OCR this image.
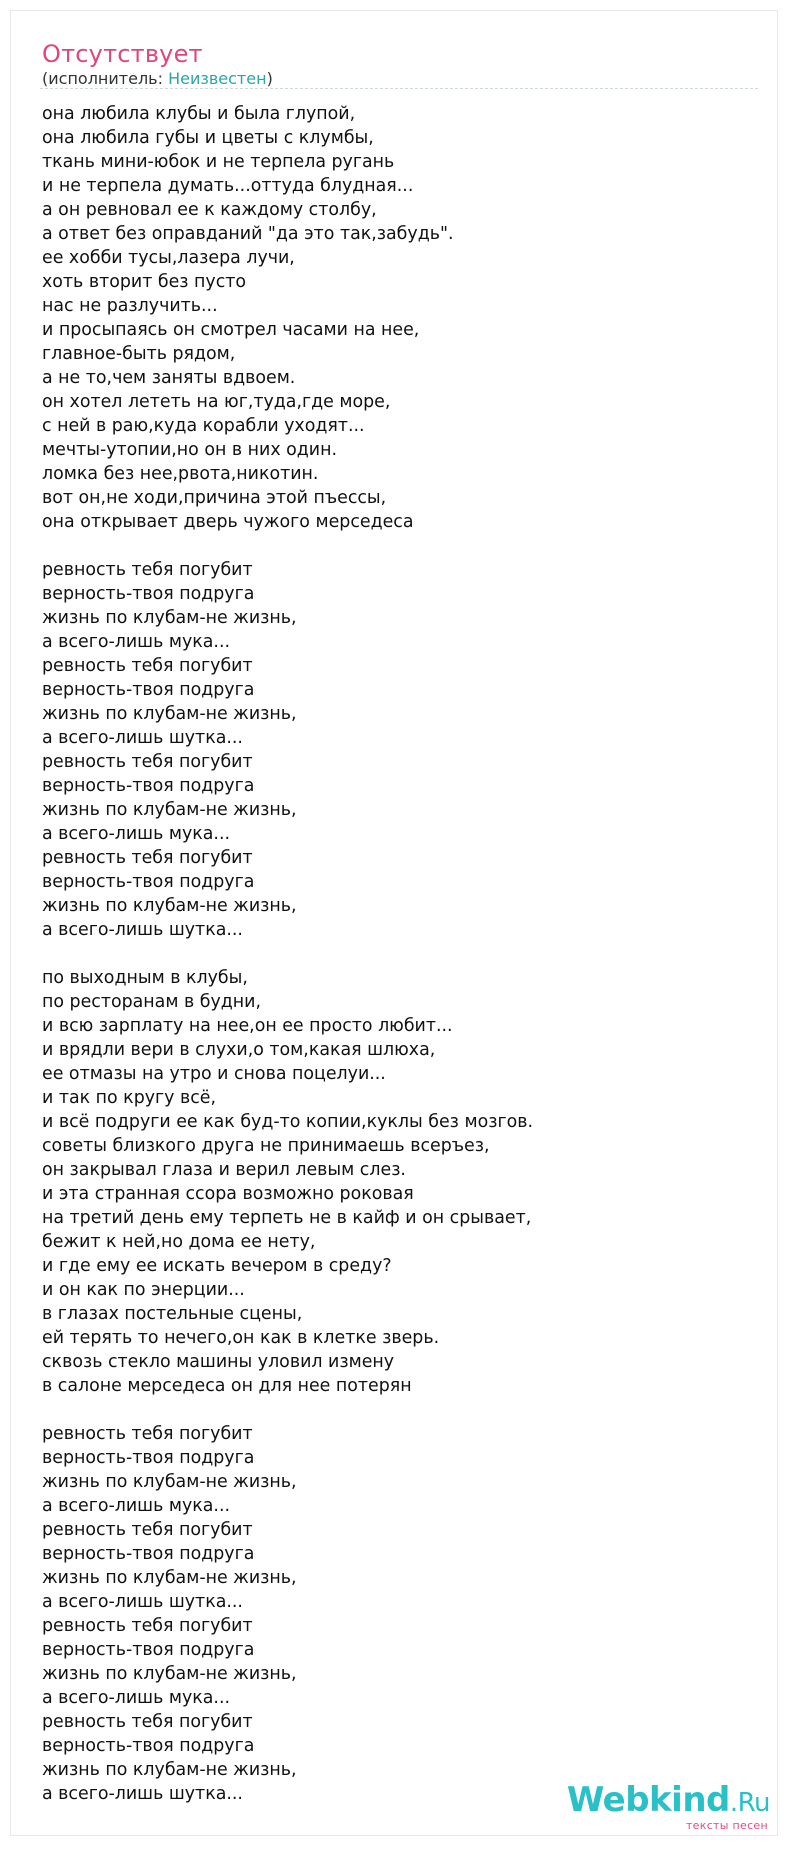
Отсутствует
(исполнитель: Неизвестен)
она любила клубы и была глупой,
она любила губы и цветы с клумбы,
ткань мини-юбок и не терпела ругань
и не терпела думать...оттуда блудная...
а он ревновал ее к каждому столбу,
а ответ без оправданий "да это так,забудь".
ее хобби тусы,лазера лучи,
хоть вторит без пусто
нас не разлучить...
и просыпаясь он смотрел часами на нее,
главное-быть рядом,
а не то,чем заняты вдвоем.
он хотел лететь на юг,туда,где море,
с ней в раю,куда корабли уходят...
мечты-утопии,но он в них один.
ломка без нее,рвота,никотин.
вот он,не ходи,причина этой пъессы,
она открывает дверь чужого мерседеса
ревность тебя погубит
верность-твоя подруга
жизнь по клубам-не жизнь,
а всего-лишь мука...
ревность тебя погубит
верность-твоя подруга
жизнь по клубам-не жизнь,
а всего-лишь шутка...
ревность тебя погубит
верность-твоя подруга
жизнь по клубам-не жизнь,
а всего-лишь мука...
ревность тебя погубит
верность-твоя подруга
жизнь по клубам-не жизнь,
а всего-лишь шутка...
по выходным в клубы,
по ресторанам в будни,
и всю зарплату на нее,он ее просто любит...
и врядли вери в слухи,о том,какая шлюха,
ее отмазы на утро и снова поцелуи...
и так по кругу всё,
и всё подруги ее как буд-то копии,куклы без мозгов.
советы близкого друга не принимаешь всеръез,
он закрывал глаза и верил левым слез.
и эта странная ссора возможно роковая
на третий день ему терпеть не в кайф и он срывает,
бежит к ней,но дома ее нету,
и где ему ее искать вечером в среду?
и он как по энерции...
в глазах постельные сцены,
ей терять то нечего,он как в клетке зверь.
сквозь стекло машины уловил измену
в салоне мерседеса он для нее потерян
ревность тебя погубит
верность-твоя подруга
жизнь по клубам-не жизнь,
а всего-лишь мука...
ревность тебя погубит
верность-твоя подруга
жизнь по клубам-не жизнь,
а всего-лишь шутка...
ревность тебя погубит
верность-твоя подруга
жизнь по клубам-не жизнь,
а всего-лишь мука...
ревность тебя погубит
верность-твоя подруга
жизнь по клубам-не жизнь,
а всего-лишь шутка...	Webkind.Ru
тексты песен
